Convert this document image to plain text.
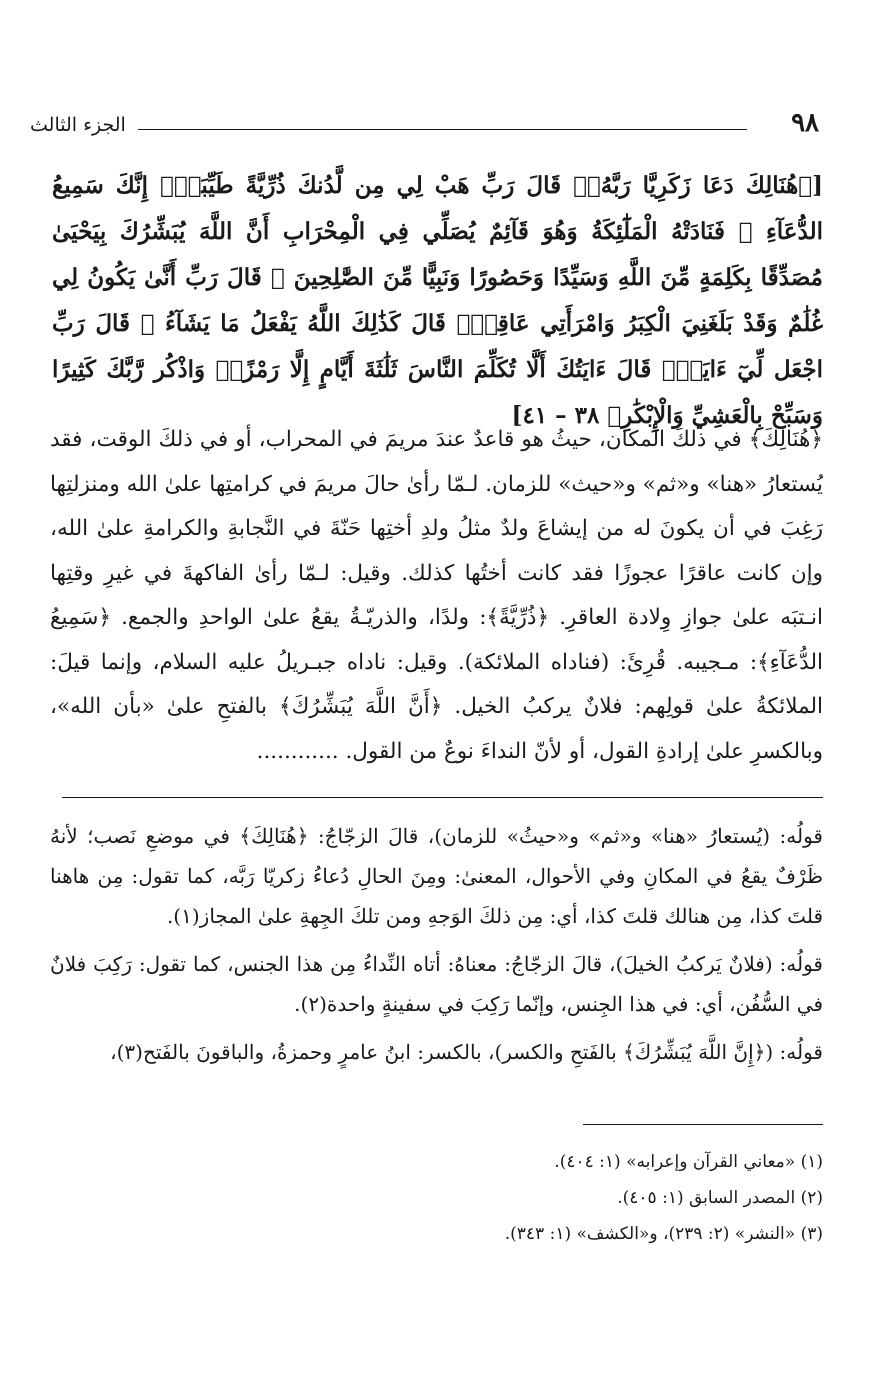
٩٨
الجزء الثالث
[﴿هُنَالِكَ دَعَا زَكَرِيَّا رَبَّهُۥۖ قَالَ رَبِّ هَبْ لِي مِن لَّدُنكَ ذُرِّيَّةً طَيِّبَةًۖ إِنَّكَ سَمِيعُ الدُّعَآءِ ۞ فَنَادَتْهُ الْمَلَٰٓئِكَةُ وَهُوَ قَآئِمٌ يُصَلِّي فِي الْمِحْرَابِ أَنَّ اللَّهَ يُبَشِّرُكَ بِيَحْيَىٰ مُصَدِّقًا بِكَلِمَةٍ مِّنَ اللَّهِ وَسَيِّدًا وَحَصُورًا وَنَبِيًّا مِّنَ الصَّٰلِحِينَ ۞ قَالَ رَبِّ أَنَّىٰ يَكُونُ لِي غُلَٰمٌ وَقَدْ بَلَغَنِيَ الْكِبَرُ وَامْرَأَتِي عَاقِرٌۖ قَالَ كَذَٰلِكَ اللَّهُ يَفْعَلُ مَا يَشَآءُ ۞ قَالَ رَبِّ اجْعَل لِّيٓ ءَايَةًۖ قَالَ ءَايَتُكَ أَلَّا تُكَلِّمَ النَّاسَ ثَلَٰثَةَ أَيَّامٍ إِلَّا رَمْزًاۗ وَاذْكُر رَّبَّكَ كَثِيرًا وَسَبِّحْ بِالْعَشِيِّ وَالْإِبْكَٰرِ﴾ ٣٨ – ٤١]

﴿هُنَالِكَ﴾ في ذلكَ المكان، حيثُ هو قاعدٌ عندَ مريمَ في المحراب، أو في ذلكَ الوقت، فقد يُستعارُ «هنا» و«ثم» و«حيث» للزمان. لـمّا رأىٰ حالَ مريمَ في كرامتِها علىٰ الله ومنزلتِها رَغِبَ في أن يكونَ له من إيشاعَ ولدٌ مثلُ ولدِ أختِها حَنّةَ في النَّجابةِ والكرامةِ علىٰ الله، وإن كانت عاقرًا عجوزًا فقد كانت أختُها كذلك. وقيل: لـمّا رأىٰ الفاكهةَ في غيرِ وقتِها انـتبَه علىٰ جوازِ وِلادة العاقرِ. ﴿ذُرِّيَّةً﴾: ولدًا، والذريّـةُ يقعُ علىٰ الواحدِ والجمع. ﴿سَمِيعُ الدُّعَآءِ﴾: مـجيبه. قُرِئَ: (فناداه الملائكة). وقيل: ناداه جبـريلُ عليه السلام، وإنما قيلَ: الملائكةُ علىٰ قولِهم: فلانٌ يركبُ الخيل. ﴿أَنَّ اللَّهَ يُبَشِّرُكَ﴾ بالفتحِ علىٰ «بأن الله»، وبالكسرِ علىٰ إرادةِ القول، أو لأنّ النداءَ نوعٌ من القول. ............

قولُه: (يُستعارُ «هنا» و«ثم» و«حيثُ» للزمان)، قالَ الزجّاجُ: ﴿هُنَالِكَ﴾ في موضعِ نَصب؛ لأنهُ ظَرْفٌ يقعُ في المكانِ وفي الأحوال، المعنىٰ: ومِنَ الحالِ دُعاءُ زكريّا رَبَّه، كما تقول: مِن هاهنا قلتَ كذا، مِن هنالك قلتَ كذا، أي: مِن ذلكَ الوَجهِ ومن تلكَ الجِهةِ علىٰ المجاز(١).

قولُه: (فلانٌ يَركبُ الخيلَ)، قالَ الزجّاجُ: معناهُ: أتاه النِّداءُ مِن هذا الجنس، كما تقول: رَكِبَ فلانٌ في السُّفُن، أي: في هذا الجِنس، وإنّما رَكِبَ في سفينةٍ واحدة(٢).

قولُه: (﴿إِنَّ اللَّهَ يُبَشِّرُكَ﴾ بالفَتحِ والكسر)، بالكسر: ابنُ عامرٍ وحمزةُ، والباقونَ بالفَتح(٣)،

(١) «معاني القرآن وإعرابه» (١: ٤٠٤).
(٢) المصدر السابق (١: ٤٠٥).
(٣) «النشر» (٢: ٢٣٩)، و«الكشف» (١: ٣٤٣).
